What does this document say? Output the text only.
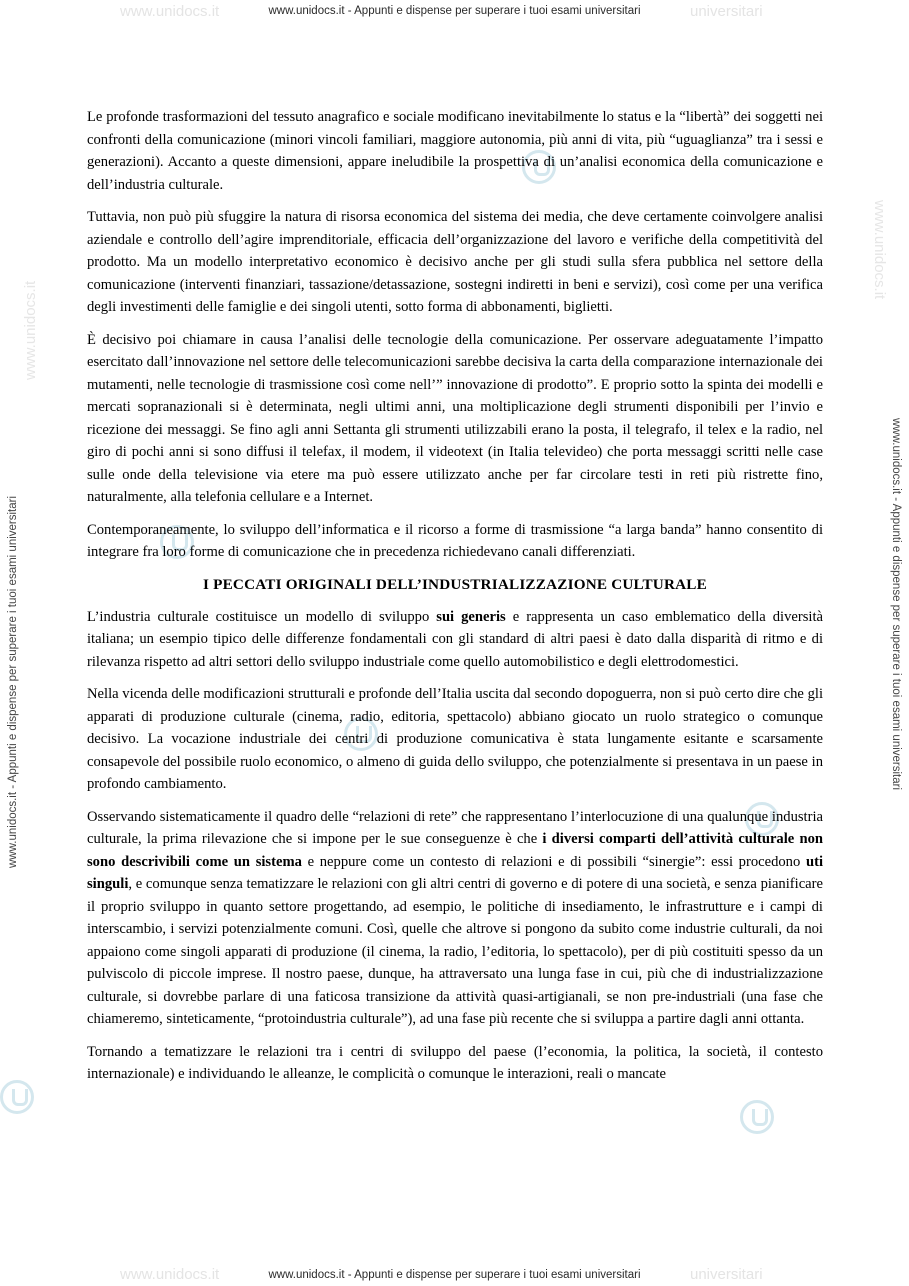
www.unidocs.it	universitari
www.unidocs.it - Appunti e dispense per superare i tuoi esami universitari
www.unidocs.it - Appunti e dispense per superare i tuoi esami universitari	www.unidocs.it - Appunti e dispense per superare i tuoi esami universitari
www.unidocs.it
www.unidocs.it

Le profonde trasformazioni del tessuto anagrafico e sociale modificano inevitabilmente lo status e la “libertà” dei soggetti nei confronti della comunicazione (minori vincoli familiari, maggiore autonomia, più anni di vita, più “uguaglianza” tra i sessi e generazioni). Accanto a queste dimensioni, appare ineludibile la prospettiva di un’analisi economica della comunicazione e dell’industria culturale.

Tuttavia, non può più sfuggire la natura di risorsa economica del sistema dei media, che deve certamente coinvolgere analisi aziendale e controllo dell’agire imprenditoriale, efficacia dell’organizzazione del lavoro e verifiche della competitività del prodotto. Ma un modello interpretativo economico è decisivo anche per gli studi sulla sfera pubblica nel settore della comunicazione (interventi finanziari, tassazione/detassazione, sostegni indiretti in beni e servizi), così come per una verifica degli investimenti delle famiglie e dei singoli utenti, sotto forma di abbonamenti, biglietti.

È decisivo poi chiamare in causa l’analisi delle tecnologie della comunicazione. Per osservare adeguatamente l’impatto esercitato dall’innovazione nel settore delle telecomunicazioni sarebbe decisiva la carta della comparazione internazionale dei mutamenti, nelle tecnologie di trasmissione così come nell’” innovazione di prodotto”. E proprio sotto la spinta dei modelli e mercati sopranazionali si è determinata, negli ultimi anni, una moltiplicazione degli strumenti disponibili per l’invio e ricezione dei messaggi. Se fino agli anni Settanta gli strumenti utilizzabili erano la posta, il telegrafo, il telex e la radio, nel giro di pochi anni si sono diffusi il telefax, il modem, il videotext (in Italia televideo) che porta messaggi scritti nelle case sulle onde della televisione via etere ma può essere utilizzato anche per far circolare testi in reti più ristrette fino, naturalmente, alla telefonia cellulare e a Internet.

Contemporaneamente, lo sviluppo dell’informatica e il ricorso a forme di trasmissione “a larga banda” hanno consentito di integrare fra loro forme di comunicazione che in precedenza richiedevano canali differenziati.

I PECCATI ORIGINALI DELL’INDUSTRIALIZZAZIONE CULTURALE

L’industria culturale costituisce un modello di sviluppo sui generis e rappresenta un caso emblematico della diversità italiana; un esempio tipico delle differenze fondamentali con gli standard di altri paesi è dato dalla disparità di ritmo e di rilevanza rispetto ad altri settori dello sviluppo industriale come quello automobilistico e degli elettrodomestici.

Nella vicenda delle modificazioni strutturali e profonde dell’Italia uscita dal secondo dopoguerra, non si può certo dire che gli apparati di produzione culturale (cinema, radio, editoria, spettacolo) abbiano giocato un ruolo strategico o comunque decisivo. La vocazione industriale dei centri di produzione comunicativa è stata lungamente esitante e scarsamente consapevole del possibile ruolo economico, o almeno di guida dello sviluppo, che potenzialmente si presentava in un paese in profondo cambiamento.

Osservando sistematicamente il quadro delle “relazioni di rete” che rappresentano l’interlocuzione di una qualunque industria culturale, la prima rilevazione che si impone per le sue conseguenze è che i diversi comparti dell’attività culturale non sono descrivibili come un sistema e neppure come un contesto di relazioni e di possibili “sinergie”: essi procedono uti singuli, e comunque senza tematizzare le relazioni con gli altri centri di governo e di potere di una società, e senza pianificare il proprio sviluppo in quanto settore progettando, ad esempio, le politiche di insediamento, le infrastrutture e i campi di interscambio, i servizi potenzialmente comuni. Così, quelle che altrove si pongono da subito come industrie culturali, da noi appaiono come singoli apparati di produzione (il cinema, la radio, l’editoria, lo spettacolo), per di più costituiti spesso da un pulviscolo di piccole imprese. Il nostro paese, dunque, ha attraversato una lunga fase in cui, più che di industrializzazione culturale, si dovrebbe parlare di una faticosa transizione da attività quasi-artigianali, se non pre-industriali (una fase che chiameremo, sinteticamente, “protoindustria culturale”), ad una fase più recente che si sviluppa a partire dagli anni ottanta.

Tornando a tematizzare le relazioni tra i centri di sviluppo del paese (l’economia, la politica, la società, il contesto internazionale) e individuando le alleanze, le complicità o comunque le interazioni, reali o mancate

www.unidocs.it	universitari
www.unidocs.it - Appunti e dispense per superare i tuoi esami universitari
